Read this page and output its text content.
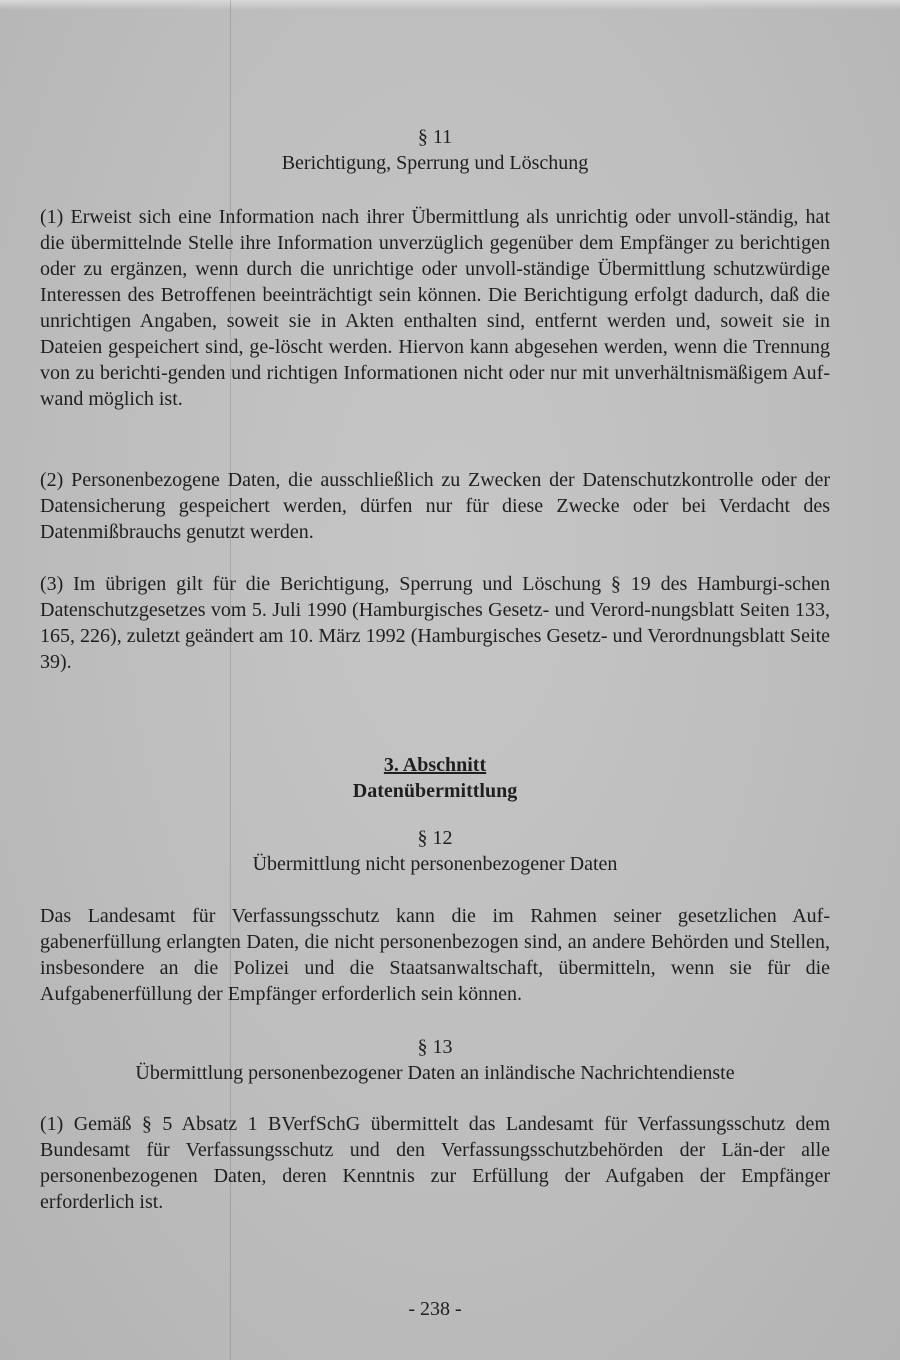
§ 11
Berichtigung, Sperrung und Löschung

(1) Erweist sich eine Information nach ihrer Übermittlung als unrichtig oder unvoll-ständig, hat die übermittelnde Stelle ihre Information unverzüglich gegenüber dem Empfänger zu berichtigen oder zu ergänzen, wenn durch die unrichtige oder unvoll-ständige Übermittlung schutzwürdige Interessen des Betroffenen beeinträchtigt sein können. Die Berichtigung erfolgt dadurch, daß die unrichtigen Angaben, soweit sie in Akten enthalten sind, entfernt werden und, soweit sie in Dateien gespeichert sind, ge-löscht werden. Hiervon kann abgesehen werden, wenn die Trennung von zu berichti-genden und richtigen Informationen nicht oder nur mit unverhältnismäßigem Auf-wand möglich ist.

(2) Personenbezogene Daten, die ausschließlich zu Zwecken der Datenschutzkontrolle oder der Datensicherung gespeichert werden, dürfen nur für diese Zwecke oder bei Verdacht des Datenmißbrauchs genutzt werden.

(3) Im übrigen gilt für die Berichtigung, Sperrung und Löschung § 19 des Hamburgi-schen Datenschutzgesetzes vom 5. Juli 1990 (Hamburgisches Gesetz- und Verord-nungsblatt Seiten 133, 165, 226), zuletzt geändert am 10. März 1992 (Hamburgisches Gesetz- und Verordnungsblatt Seite 39).

3. Abschnitt
Datenübermittlung
§ 12
Übermittlung nicht personenbezogener Daten

Das Landesamt für Verfassungsschutz kann die im Rahmen seiner gesetzlichen Auf-gabenerfüllung erlangten Daten, die nicht personenbezogen sind, an andere Behörden und Stellen, insbesondere an die Polizei und die Staatsanwaltschaft, übermitteln, wenn sie für die Aufgabenerfüllung der Empfänger erforderlich sein können.

§ 13
Übermittlung personenbezogener Daten an inländische Nachrichtendienste

(1) Gemäß § 5 Absatz 1 BVerfSchG übermittelt das Landesamt für Verfassungsschutz dem Bundesamt für Verfassungsschutz und den Verfassungsschutzbehörden der Län-der alle personenbezogenen Daten, deren Kenntnis zur Erfüllung der Aufgaben der Empfänger erforderlich ist.

- 238 -
